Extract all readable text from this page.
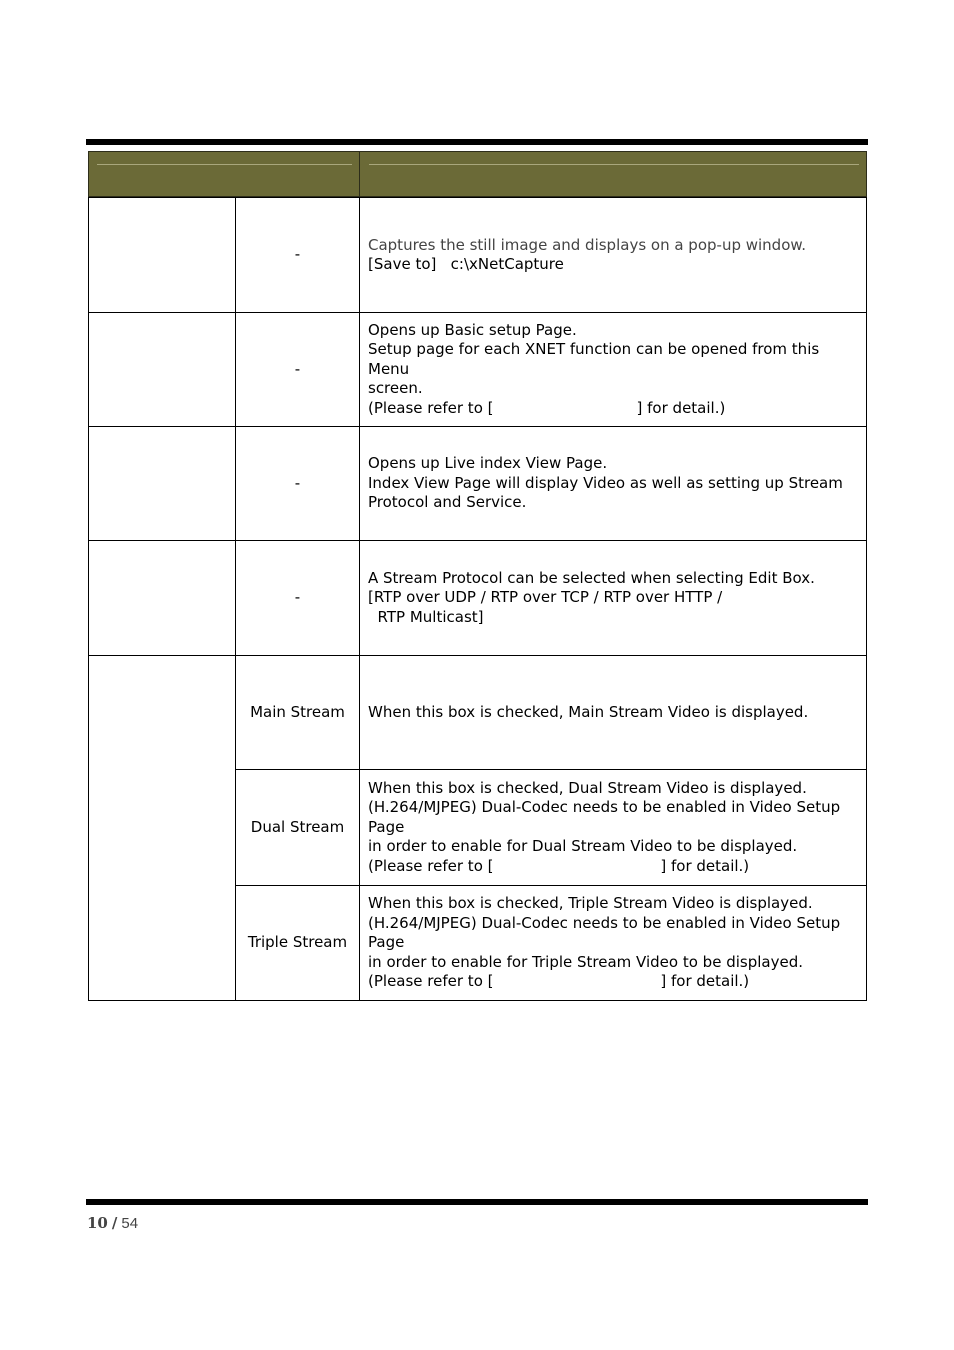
-
Captures the still image and displays on a pop-up window.
[Save to]   c:\xNetCapture
-
Opens up Basic setup Page.
Setup page for each XNET function can be opened from this Menu
screen.
(Please refer to [                              ] for detail.)
-
Opens up Live index View Page.
Index View Page will display Video as well as setting up Stream
Protocol and Service.
-
A Stream Protocol can be selected when selecting Edit Box.
[RTP over UDP / RTP over TCP / RTP over HTTP /
RTP Multicast]
Main Stream When this box is checked, Main Stream Video is displayed.
Dual Stream
When this box is checked, Dual Stream Video is displayed.
(H.264/MJPEG) Dual-Codec needs to be enabled in Video Setup Page
in order to enable for Dual Stream Video to be displayed.
(Please refer to [                                   ] for detail.)
Triple Stream
When this box is checked, Triple Stream Video is displayed.
(H.264/MJPEG) Dual-Codec needs to be enabled in Video Setup Page
in order to enable for Triple Stream Video to be displayed.
(Please refer to [                                   ] for detail.)
10 / 54
